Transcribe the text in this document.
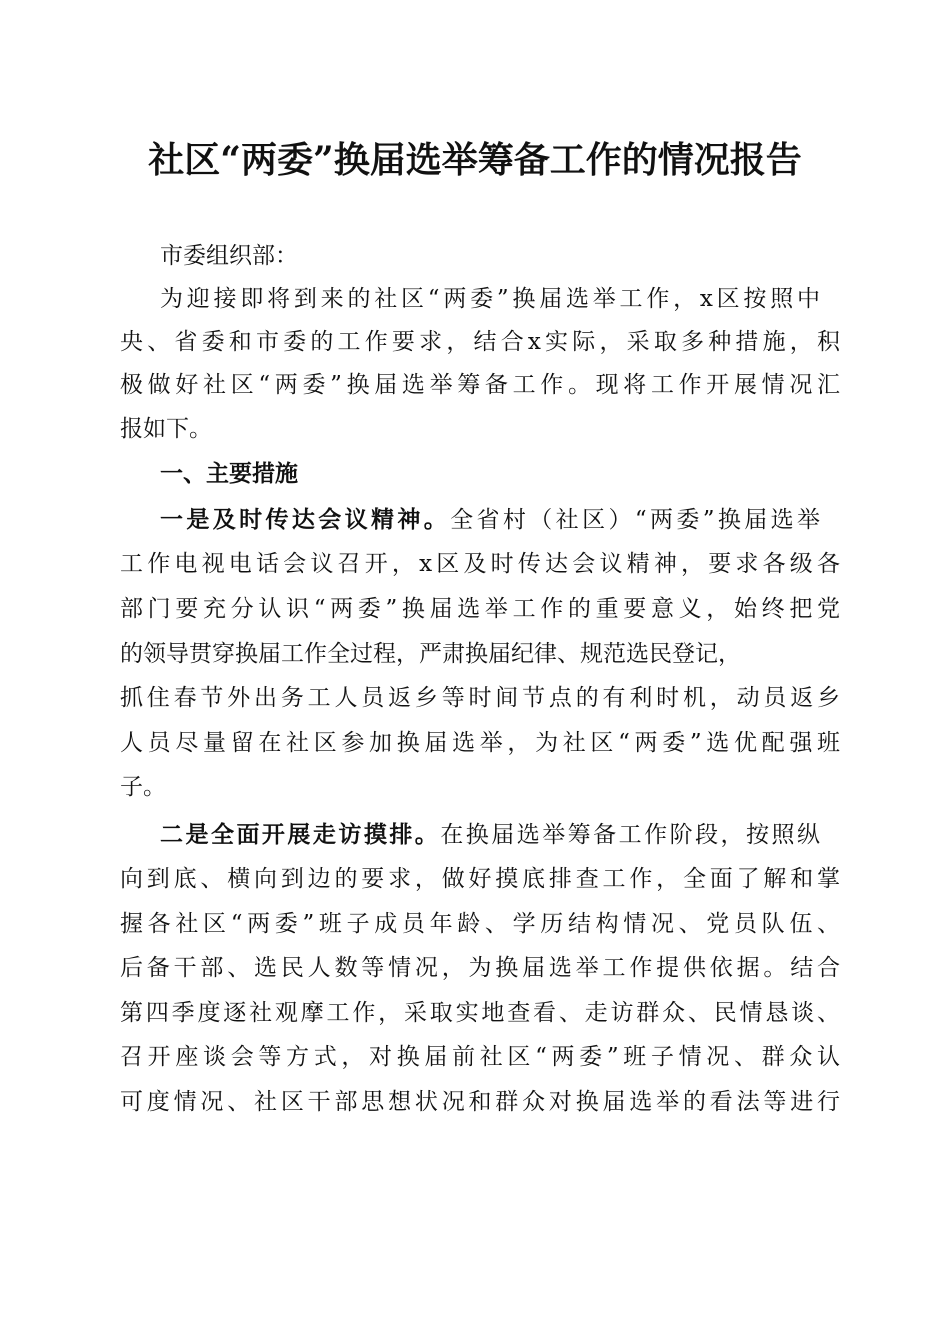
社区“两委”换届选举筹备工作的情况报告
市委组织部：
为迎接即将到来的社区“两委”换届选举工作，x区按照中
央、省委和市委的工作要求，结合x实际，采取多种措施，积
极做好社区“两委”换届选举筹备工作。现将工作开展情况汇
报如下。
一、主要措施
一是及时传达会议精神。全省村（社区）“两委”换届选举
工作电视电话会议召开，x区及时传达会议精神，要求各级各
部门要充分认识“两委”换届选举工作的重要意义，始终把党
的领导贯穿换届工作全过程，严肃换届纪律、规范选民登记，
抓住春节外出务工人员返乡等时间节点的有利时机，动员返乡
人员尽量留在社区参加换届选举，为社区“两委”选优配强班
子。
二是全面开展走访摸排。在换届选举筹备工作阶段，按照纵
向到底、横向到边的要求，做好摸底排查工作，全面了解和掌
握各社区“两委”班子成员年龄、学历结构情况、党员队伍、
后备干部、选民人数等情况，为换届选举工作提供依据。结合
第四季度逐社观摩工作，采取实地查看、走访群众、民情恳谈、
召开座谈会等方式，对换届前社区“两委”班子情况、群众认
可度情况、社区干部思想状况和群众对换届选举的看法等进行
